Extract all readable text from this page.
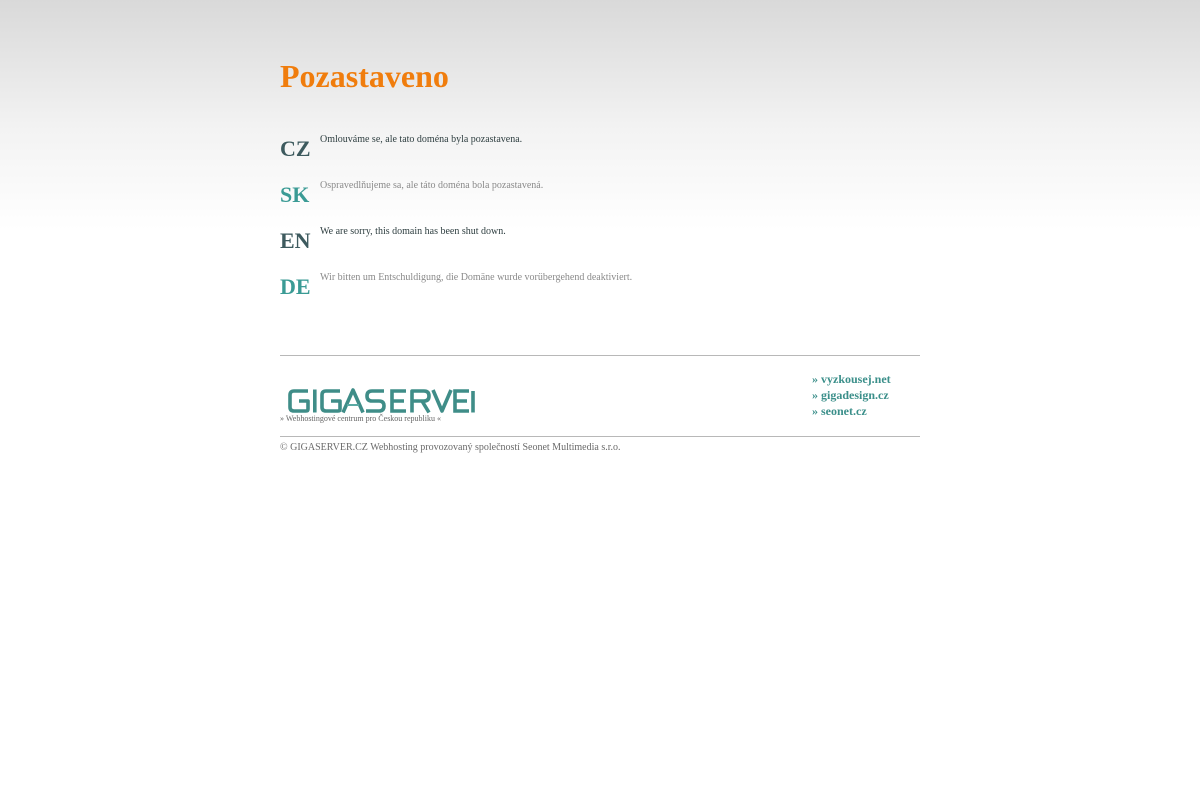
Pozastaveno
CZ Omlouváme se, ale tato doména byla pozastavena.
SK Ospravedlňujeme sa, ale táto doména bola pozastavená.
EN We are sorry, this domain has been shut down.
DE Wir bitten um Entschuldigung, die Domäne wurde vorübergehend deaktiviert.
» Webhostingové centrum pro Českou republiku «
» vyzkousej.net
» gigadesign.cz
» seonet.cz
© GIGASERVER.CZ Webhosting provozovaný společností Seonet Multimedia s.r.o.
